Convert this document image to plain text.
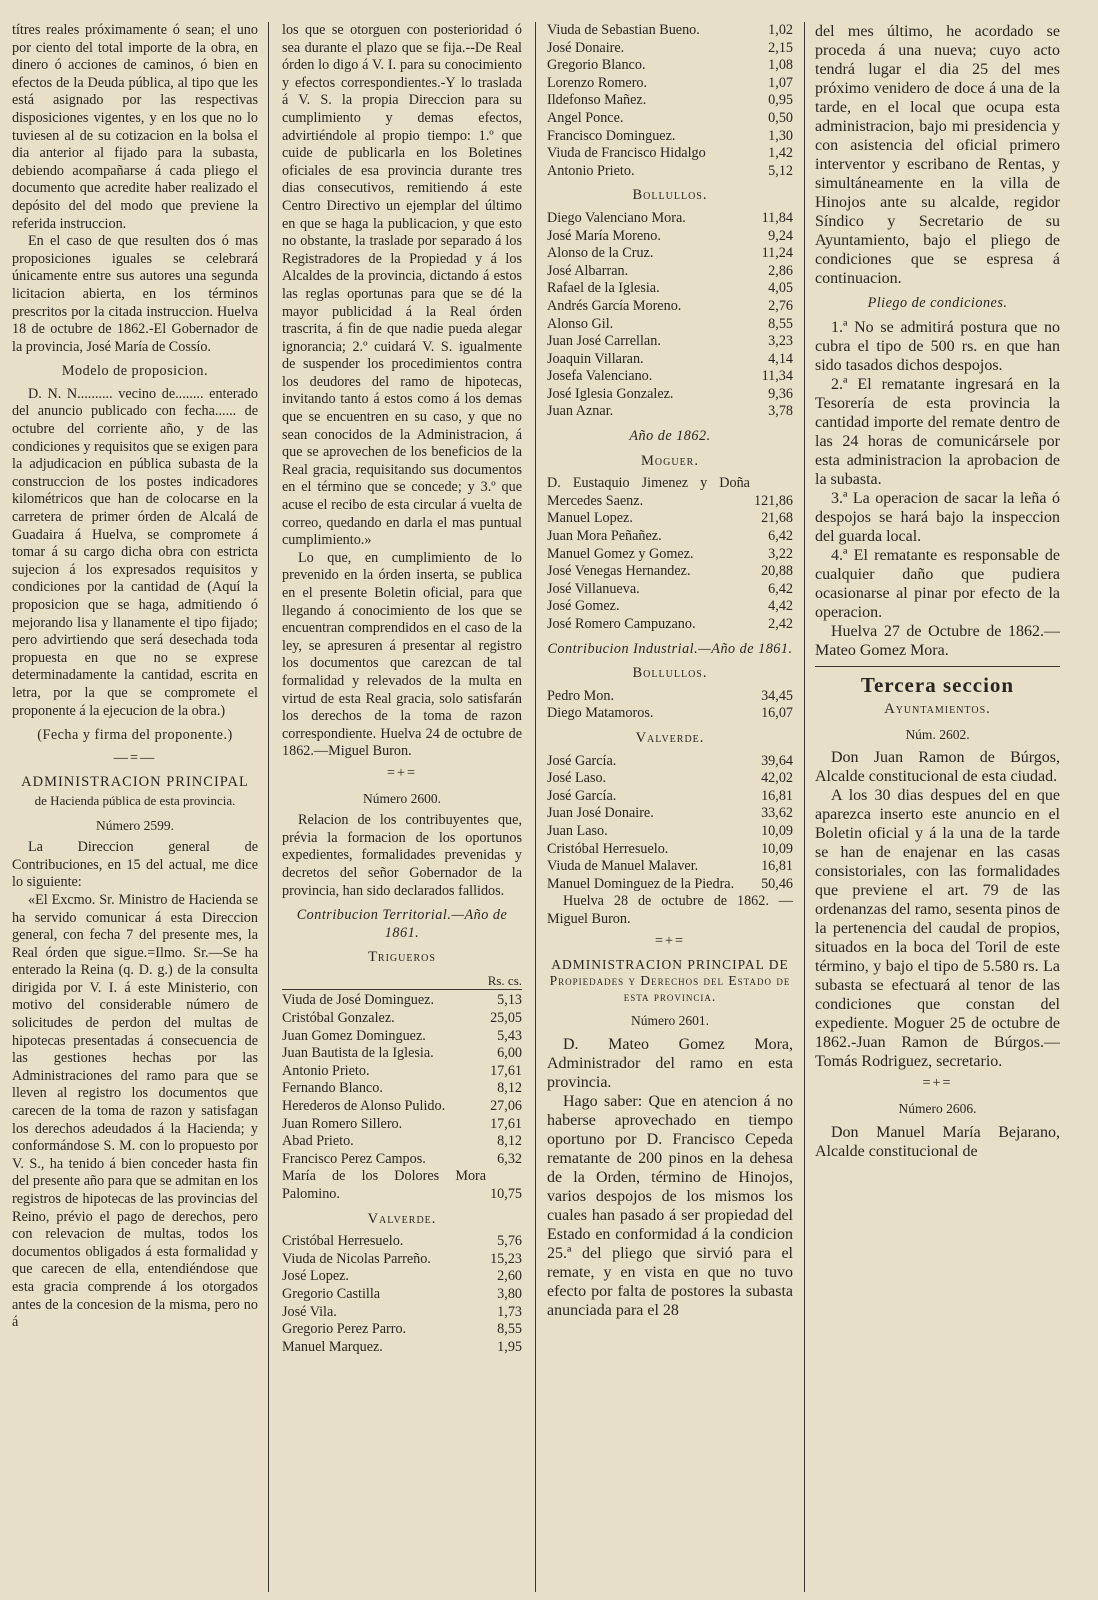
títres reales próximamente ó sean; el uno por ciento del total importe de la obra, en dinero ó acciones de caminos, ó bien en efectos de la Deuda pública, al tipo que les está asignado por las respectivas disposiciones vigentes, y en los que no lo tuviesen al de su cotizacion en la bolsa el dia anterior al fijado para la subasta, debiendo acompañarse á cada pliego el documento que acredite haber realizado el depósito del del modo que previene la referida instruccion.

En el caso de que resulten dos ó mas proposiciones iguales se celebrará únicamente entre sus autores una segunda licitacion abierta, en los términos prescritos por la citada instruccion. Huelva 18 de octubre de 1862.-El Gobernador de la provincia, José María de Cossío.

Modelo de proposicion.

D. N. N.......... vecino de........ enterado del anuncio publicado con fecha...... de octubre del corriente año, y de las condiciones y requisitos que se exigen para la adjudicacion en pública subasta de la construccion de los postes indicadores kilométricos que han de colocarse en la carretera de primer órden de Alcalá de Guadaira á Huelva, se compromete á tomar á su cargo dicha obra con estricta sujecion á los expresados requisitos y condiciones por la cantidad de (Aquí la proposicion que se haga, admitiendo ó mejorando lisa y llanamente el tipo fijado; pero advirtiendo que será desechada toda propuesta en que no se exprese determinadamente la cantidad, escrita en letra, por la que se compromete el proponente á la ejecucion de la obra.)

(Fecha y firma del proponente.)
—=—
ADMINISTRACION PRINCIPAL
de Hacienda pública de esta provincia.
Número 2599.

La Direccion general de Contribuciones, en 15 del actual, me dice lo siguiente:

«El Excmo. Sr. Ministro de Hacienda se ha servido comunicar á esta Direccion general, con fecha 7 del presente mes, la Real órden que sigue.=Ilmo. Sr.—Se ha enterado la Reina (q. D. g.) de la consulta dirigida por V. I. á este Ministerio, con motivo del considerable número de solicitudes de perdon del multas de hipotecas presentadas á consecuencia de las gestiones hechas por las Administraciones del ramo para que se lleven al registro los documentos que carecen de la toma de razon y satisfagan los derechos adeudados á la Hacienda; y conformándose S. M. con lo propuesto por V. S., ha tenido á bien conceder hasta fin del presente año para que se admitan en los registros de hipotecas de las provincias del Reino, prévio el pago de derechos, pero con relevacion de multas, todos los documentos obligados á esta formalidad y que carecen de ella, entendiéndose que esta gracia comprende á los otorgados antes de la concesion de la misma, pero no á

los que se otorguen con posterioridad ó sea durante el plazo que se fija.--De Real órden lo digo á V. I. para su conocimiento y efectos correspondientes.-Y lo traslada á V. S. la propia Direccion para su cumplimiento y demas efectos, advirtiéndole al propio tiempo: 1.º que cuide de publicarla en los Boletines oficiales de esa provincia durante tres dias consecutivos, remitiendo á este Centro Directivo un ejemplar del último en que se haga la publicacion, y que esto no obstante, la traslade por separado á los Registradores de la Propiedad y á los Alcaldes de la provincia, dictando á estos las reglas oportunas para que se dé la mayor publicidad á la Real órden trascrita, á fin de que nadie pueda alegar ignorancia; 2.º cuidará V. S. igualmente de suspender los procedimientos contra los deudores del ramo de hipotecas, invitando tanto á estos como á los demas que se encuentren en su caso, y que no sean conocidos de la Administracion, á que se aprovechen de los beneficios de la Real gracia, requisitando sus documentos en el término que se concede; y 3.º que acuse el recibo de esta circular á vuelta de correo, quedando en darla el mas puntual cumplimiento.»

Lo que, en cumplimiento de lo prevenido en la órden inserta, se publica en el presente Boletin oficial, para que llegando á conocimiento de los que se encuentran comprendidos en el caso de la ley, se apresuren á presentar al registro los documentos que carezcan de tal formalidad y relevados de la multa en virtud de esta Real gracia, solo satisfarán los derechos de la toma de razon correspondiente. Huelva 24 de octubre de 1862.—Miguel Buron.

=+=
Número 2600.

Relacion de los contribuyentes que, prévia la formacion de los oportunos expedientes, formalidades prevenidas y decretos del señor Gobernador de la provincia, han sido declarados fallidos.

Contribucion Territorial.—Año de 1861.
Trigueros
Rs. cs.
Viuda de José Dominguez.	5,13
Cristóbal Gonzalez.	25,05
Juan Gomez Dominguez.	5,43
Juan Bautista de la Iglesia.	6,00
Antonio Prieto.	17,61
Fernando Blanco.	8,12
Herederos de Alonso Pulido.	27,06
Juan Romero Sillero.	17,61
Abad Prieto.	8,12
Francisco Perez Campos.	6,32
María de los Dolores Mora Palomino.	10,75
Valverde.
Cristóbal Herresuelo.	5,76
Viuda de Nicolas Parreño.	15,23
José Lopez.	2,60
Gregorio Castilla	3,80
José Vila.	1,73
Gregorio Perez Parro.	8,55
Manuel Marquez.	1,95
Viuda de Sebastian Bueno.	1,02
José Donaire.	2,15
Gregorio Blanco.	1,08
Lorenzo Romero.	1,07
Ildefonso Mañez.	0,95
Angel Ponce.	0,50
Francisco Dominguez.	1,30
Viuda de Francisco Hidalgo	1,42
Antonio Prieto.	5,12
Bollullos.
Diego Valenciano Mora.	11,84
José María Moreno.	9,24
Alonso de la Cruz.	11,24
José Albarran.	2,86
Rafael de la Iglesia.	4,05
Andrés García Moreno.	2,76
Alonso Gil.	8,55
Juan José Carrellan.	3,23
Joaquin Villaran.	4,14
Josefa Valenciano.	11,34
José Iglesia Gonzalez.	9,36
Juan Aznar.	3,78
Año de 1862.
Moguer.
D. Eustaquio Jimenez y Doña Mercedes Saenz.	121,86
Manuel Lopez.	21,68
Juan Mora Peñañez.	6,42
Manuel Gomez y Gomez.	3,22
José Venegas Hernandez.	20,88
José Villanueva.	6,42
José Gomez.	4,42
José Romero Campuzano.	2,42
Contribucion Industrial.—Año de 1861.
Bollullos.
Pedro Mon.	34,45
Diego Matamoros.	16,07
Valverde.
José García.	39,64
José Laso.	42,02
José García.	16,81
Juan José Donaire.	33,62
Juan Laso.	10,09
Cristóbal Herresuelo.	10,09
Viuda de Manuel Malaver.	16,81
Manuel Dominguez de la Piedra.	50,46

Huelva 28 de octubre de 1862. —Miguel Buron.

=+=
ADMINISTRACION PRINCIPAL DE Propiedades y Derechos del Estado de esta provincia.
Número 2601.

D. Mateo Gomez Mora, Administrador del ramo en esta provincia.

Hago saber: Que en atencion á no haberse aprovechado en tiempo oportuno por D. Francisco Cepeda rematante de 200 pinos en la dehesa de la Orden, término de Hinojos, varios despojos de los mismos los cuales han pasado á ser propiedad del Estado en conformidad á la condicion 25.ª del pliego que sirvió para el remate, y en vista en que no tuvo efecto por falta de postores la subasta anunciada para el 28

del mes último, he acordado se proceda á una nueva; cuyo acto tendrá lugar el dia 25 del mes próximo venidero de doce á una de la tarde, en el local que ocupa esta administracion, bajo mi presidencia y con asistencia del oficial primero interventor y escribano de Rentas, y simultáneamente en la villa de Hinojos ante su alcalde, regidor Síndico y Secretario de su Ayuntamiento, bajo el pliego de condiciones que se espresa á continuacion.

Pliego de condiciones.

1.ª No se admitirá postura que no cubra el tipo de 500 rs. en que han sido tasados dichos despojos.

2.ª El rematante ingresará en la Tesorería de esta provincia la cantidad importe del remate dentro de las 24 horas de comunicársele por esta administracion la aprobacion de la subasta.

3.ª La operacion de sacar la leña ó despojos se hará bajo la inspeccion del guarda local.

4.ª El rematante es responsable de cualquier daño que pudiera ocasionarse al pinar por efecto de la operacion.

Huelva 27 de Octubre de 1862.—Mateo Gomez Mora.

Tercera seccion
Ayuntamientos.
Núm. 2602.

Don Juan Ramon de Búrgos, Alcalde constitucional de esta ciudad.

A los 30 dias despues del en que aparezca inserto este anuncio en el Boletin oficial y á la una de la tarde se han de enajenar en las casas consistoriales, con las formalidades que previene el art. 79 de las ordenanzas del ramo, sesenta pinos de la pertenencia del caudal de propios, situados en la boca del Toril de este término, y bajo el tipo de 5.580 rs. La subasta se efectuará al tenor de las condiciones que constan del expediente. Moguer 25 de octubre de 1862.-Juan Ramon de Búrgos.—Tomás Rodriguez, secretario.

=+=
Número 2606.

Don Manuel María Bejarano, Alcalde constitucional de
